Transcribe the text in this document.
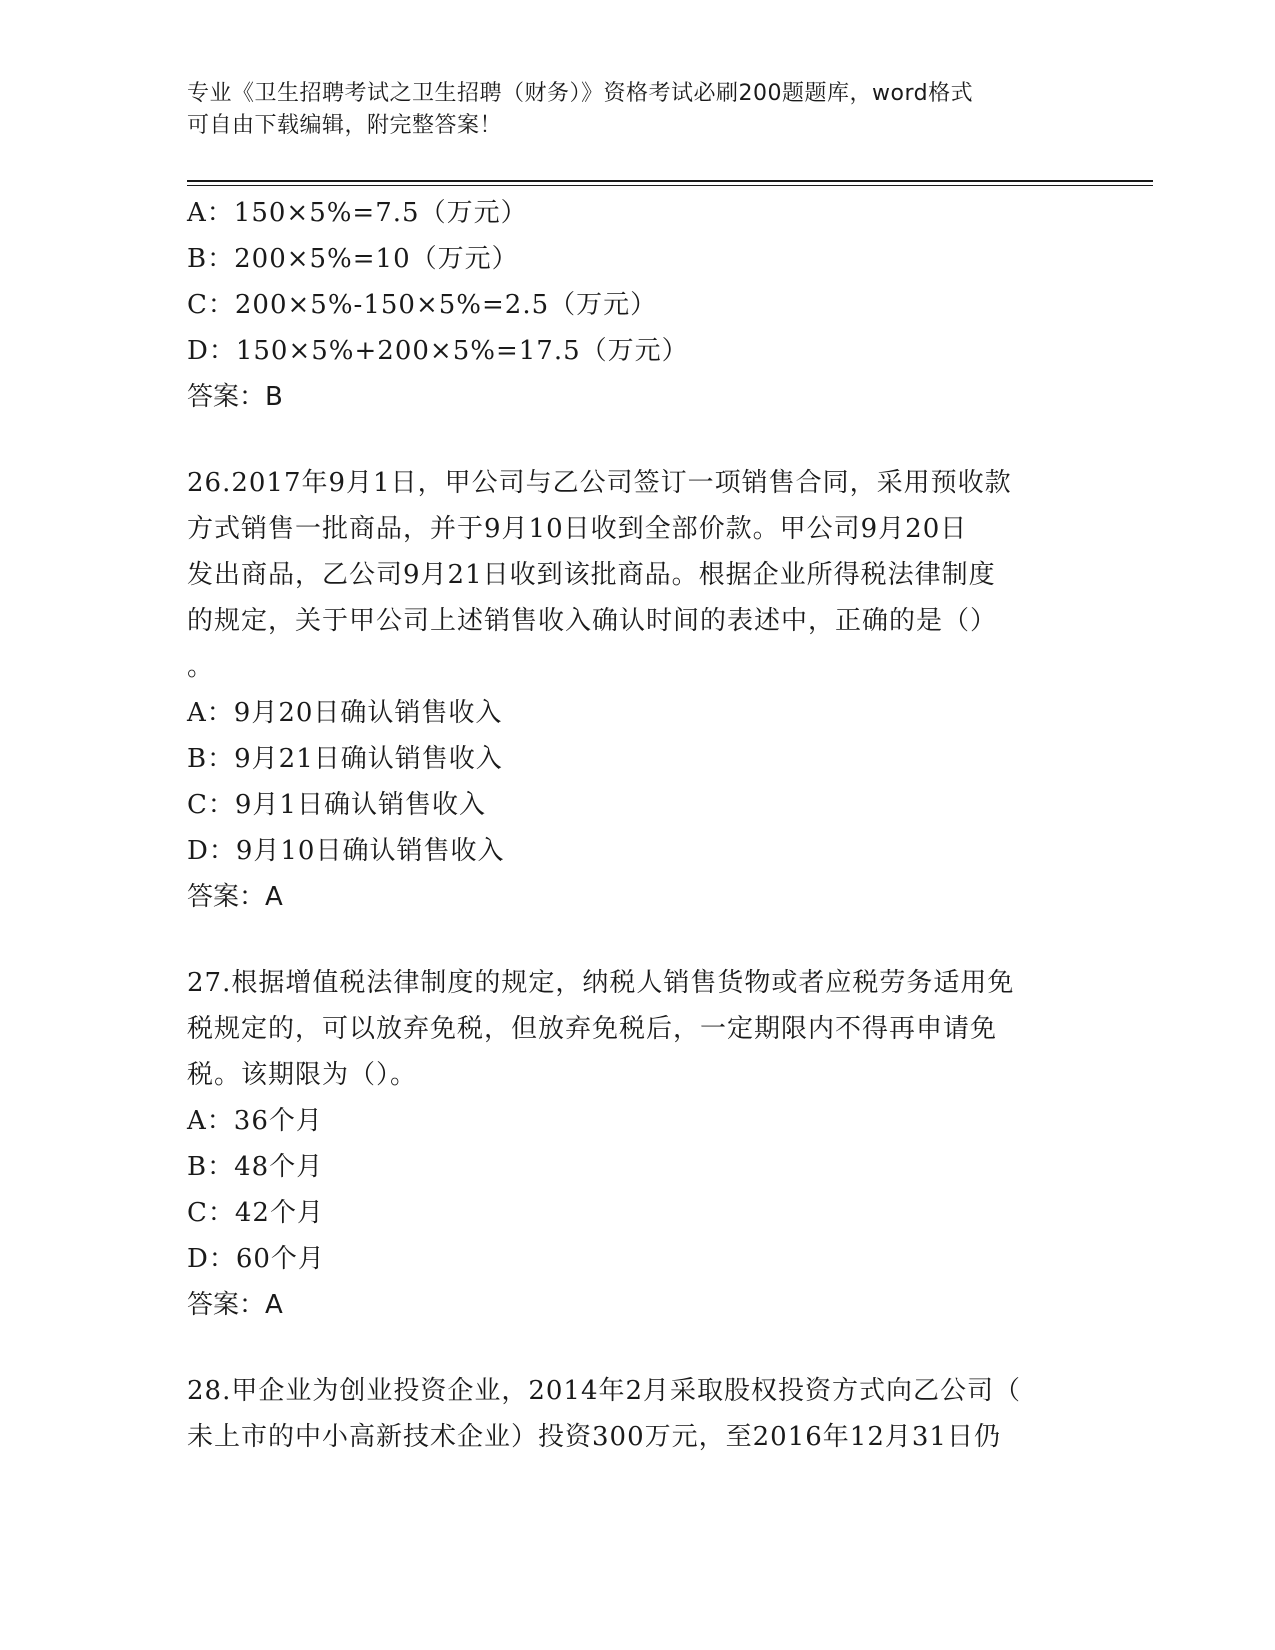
专业《卫生招聘考试之卫生招聘（财务）》资格考试必刷200题题库，word格式
可自由下载编辑，附完整答案！
A：150×5%=7.5（万元）
B：200×5%=10（万元）
C：200×5%-150×5%=2.5（万元）
D：150×5%+200×5%=17.5（万元）
答案：B
26.2017年9月1日，甲公司与乙公司签订一项销售合同，采用预收款
方式销售一批商品，并于9月10日收到全部价款。甲公司9月20日
发出商品，乙公司9月21日收到该批商品。根据企业所得税法律制度
的规定，关于甲公司上述销售收入确认时间的表述中，正确的是（）
。
A：9月20日确认销售收入
B：9月21日确认销售收入
C：9月1日确认销售收入
D：9月10日确认销售收入
答案：A
27.根据增值税法律制度的规定，纳税人销售货物或者应税劳务适用免
税规定的，可以放弃免税，但放弃免税后，一定期限内不得再申请免
税。该期限为（）。
A：36个月
B：48个月
C：42个月
D：60个月
答案：A
28.甲企业为创业投资企业，2014年2月采取股权投资方式向乙公司（
未上市的中小高新技术企业）投资300万元，至2016年12月31日仍
